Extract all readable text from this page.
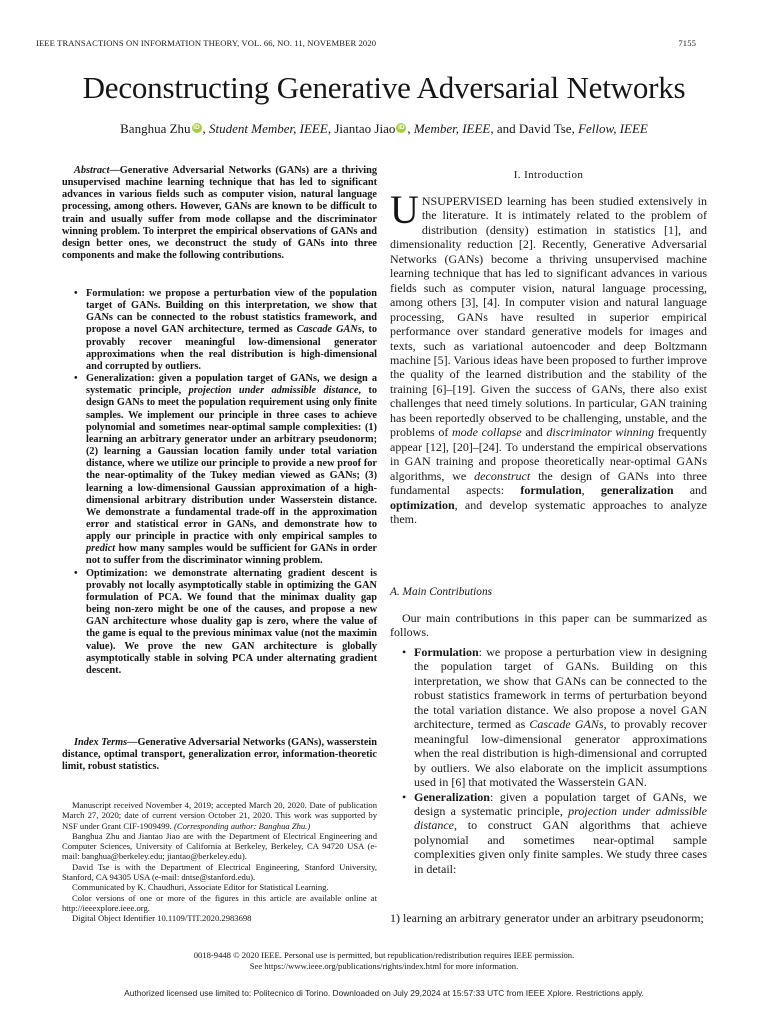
IEEE TRANSACTIONS ON INFORMATION THEORY, VOL. 66, NO. 11, NOVEMBER 2020	7155
Deconstructing Generative Adversarial Networks
Banghua Zhu iD , Student Member, IEEE, Jiantao Jiao iD , Member, IEEE, and David Tse, Fellow, IEEE

Abstract—Generative Adversarial Networks (GANs) are a thriving unsupervised machine learning technique that has led to significant advances in various fields such as computer vision, natural language processing, among others. However, GANs are known to be difficult to train and usually suffer from mode collapse and the discriminator winning problem. To interpret the empirical observations of GANs and design better ones, we deconstruct the study of GANs into three components and make the following contributions.

• Formulation: we propose a perturbation view of the population target of GANs. Building on this interpretation, we show that GANs can be connected to the robust statistics framework, and propose a novel GAN architecture, termed as Cascade GANs, to provably recover meaningful low-dimensional generator approximations when the real distribution is high-dimensional and corrupted by outliers.
• Generalization: given a population target of GANs, we design a systematic principle, projection under admissible distance, to design GANs to meet the population requirement using only finite samples. We implement our principle in three cases to achieve polynomial and sometimes near-optimal sample complexities: (1) learning an arbitrary generator under an arbitrary pseudonorm; (2) learning a Gaussian location family under total variation distance, where we utilize our principle to provide a new proof for the near-optimality of the Tukey median viewed as GANs; (3) learning a low-dimensional Gaussian approximation of a high-dimensional arbitrary distribution under Wasserstein distance. We demonstrate a fundamental trade-off in the approximation error and statistical error in GANs, and demonstrate how to apply our principle in practice with only empirical samples to predict how many samples would be sufficient for GANs in order not to suffer from the discriminator winning problem.
• Optimization: we demonstrate alternating gradient descent is provably not locally asymptotically stable in optimizing the GAN formulation of PCA. We found that the minimax duality gap being non-zero might be one of the causes, and propose a new GAN architecture whose duality gap is zero, where the value of the game is equal to the previous minimax value (not the maximin value). We prove the new GAN architecture is globally asymptotically stable in solving PCA under alternating gradient descent.

Index Terms—Generative Adversarial Networks (GANs), wasserstein distance, optimal transport, generalization error, information-theoretic limit, robust statistics.

Manuscript received November 4, 2019; accepted March 20, 2020. Date of publication March 27, 2020; date of current version October 21, 2020. This work was supported by NSF under Grant CIF-1909499. (Corresponding author: Banghua Zhu.)

Banghua Zhu and Jiantao Jiao are with the Department of Electrical Engineering and Computer Sciences, University of California at Berkeley, Berkeley, CA 94720 USA (e-mail: banghua@berkeley.edu; jiantao@berkeley.edu).

David Tse is with the Department of Electrical Engineering, Stanford University, Stanford, CA 94305 USA (e-mail: dntse@stanford.edu).

Communicated by K. Chaudhuri, Associate Editor for Statistical Learning.

Color versions of one or more of the figures in this article are available online at http://ieeexplore.ieee.org.

Digital Object Identifier 10.1109/TIT.2020.2983698

I. Introduction

UNSUPERVISED learning has been studied extensively in the literature. It is intimately related to the problem of distribution (density) estimation in statistics [1], and dimensionality reduction [2]. Recently, Generative Adversarial Networks (GANs) become a thriving unsupervised machine learning technique that has led to significant advances in various fields such as computer vision, natural language processing, among others [3], [4]. In computer vision and natural language processing, GANs have resulted in superior empirical performance over standard generative models for images and texts, such as variational autoencoder and deep Boltzmann machine [5]. Various ideas have been proposed to further improve the quality of the learned distribution and the stability of the training [6]–[19]. Given the success of GANs, there also exist challenges that need timely solutions. In particular, GAN training has been reportedly observed to be challenging, unstable, and the problems of mode collapse and discriminator winning frequently appear [12], [20]–[24]. To understand the empirical observations in GAN training and propose theoretically near-optimal GANs algorithms, we deconstruct the design of GANs into three fundamental aspects: formulation, generalization and optimization, and develop systematic approaches to analyze them.

A. Main Contributions

Our main contributions in this paper can be summarized as follows.

• Formulation: we propose a perturbation view in designing the population target of GANs. Building on this interpretation, we show that GANs can be connected to the robust statistics framework in terms of perturbation beyond the total variation distance. We also propose a novel GAN architecture, termed as Cascade GANs, to provably recover meaningful low-dimensional generator approximations when the real distribution is high-dimensional and corrupted by outliers. We also elaborate on the implicit assumptions used in [6] that motivated the Wasserstein GAN.
• Generalization: given a population target of GANs, we design a systematic principle, projection under admissible distance, to construct GAN algorithms that achieve polynomial and sometimes near-optimal sample complexities given only finite samples. We study three cases in detail:

1) learning an arbitrary generator under an arbitrary pseudonorm;

0018-9448 © 2020 IEEE. Personal use is permitted, but republication/redistribution requires IEEE permission.
See https://www.ieee.org/publications/rights/index.html for more information.
Authorized licensed use limited to: Politecnico di Torino. Downloaded on July 29,2024 at 15:57:33 UTC from IEEE Xplore. Restrictions apply.
